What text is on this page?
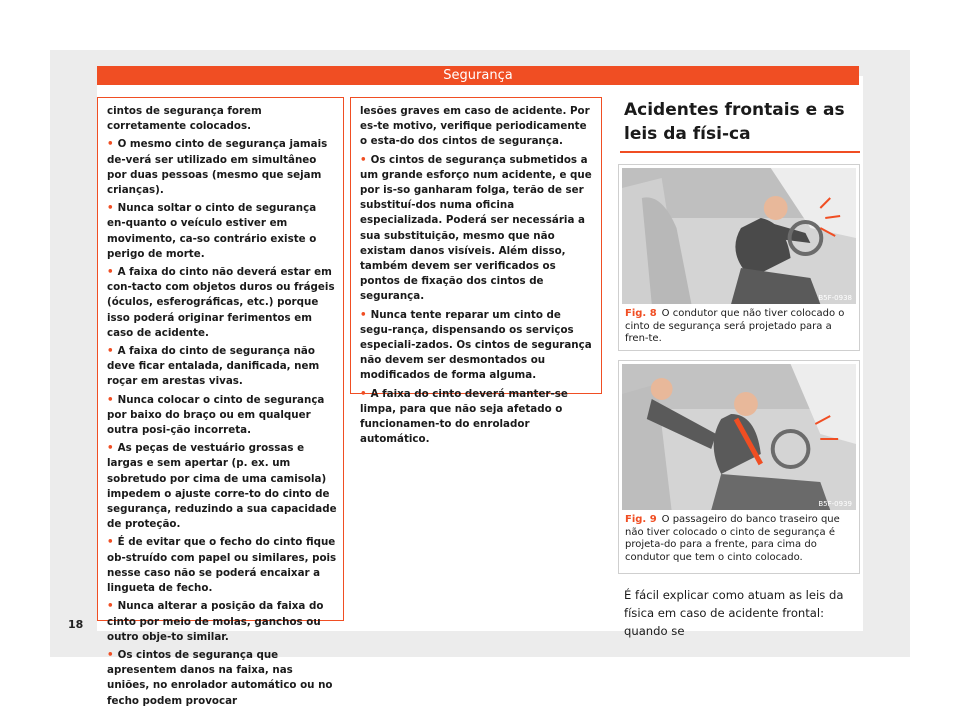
Segurança

cintos de segurança forem corretamente colocados.

• O mesmo cinto de segurança jamais de-verá ser utilizado em simultâneo por duas pessoas (mesmo que sejam crianças).

• Nunca soltar o cinto de segurança en-quanto o veículo estiver em movimento, ca-so contrário existe o perigo de morte.

• A faixa do cinto não deverá estar em con-tacto com objetos duros ou frágeis (óculos, esferográficas, etc.) porque isso poderá originar ferimentos em caso de acidente.

• A faixa do cinto de segurança não deve ficar entalada, danificada, nem roçar em arestas vivas.

• Nunca colocar o cinto de segurança por baixo do braço ou em qualquer outra posi-ção incorreta.

• As peças de vestuário grossas e largas e sem apertar (p. ex. um sobretudo por cima de uma camisola) impedem o ajuste corre-to do cinto de segurança, reduzindo a sua capacidade de proteção.

• É de evitar que o fecho do cinto fique ob-struído com papel ou similares, pois nesse caso não se poderá encaixar a lingueta de fecho.

• Nunca alterar a posição da faixa do cinto por meio de molas, ganchos ou outro obje-to similar.

• Os cintos de segurança que apresentem danos na faixa, nas uniões, no enrolador automático ou no fecho podem provocar

lesões graves em caso de acidente. Por es-te motivo, verifique periodicamente o esta-do dos cintos de segurança.

• Os cintos de segurança submetidos a um grande esforço num acidente, e que por is-so ganharam folga, terão de ser substituí-dos numa oficina especializada. Poderá ser necessária a sua substituição, mesmo que não existam danos visíveis. Além disso, também devem ser verificados os pontos de fixação dos cintos de segurança.

• Nunca tente reparar um cinto de segu-rança, dispensando os serviços especiali-zados. Os cintos de segurança não devem ser desmontados ou modificados de forma alguma.

• A faixa do cinto deverá manter-se limpa, para que não seja afetado o funcionamen-to do enrolador automático.

Acidentes frontais e as leis da físi-ca
B5F-0938

Fig. 8 O condutor que não tiver colocado o cinto de segurança será projetado para a fren-te.

B5F-0939

Fig. 9 O passageiro do banco traseiro que não tiver colocado o cinto de segurança é projeta-do para a frente, para cima do condutor que tem o cinto colocado.

É fácil explicar como atuam as leis da física em caso de acidente frontal: quando se

18
